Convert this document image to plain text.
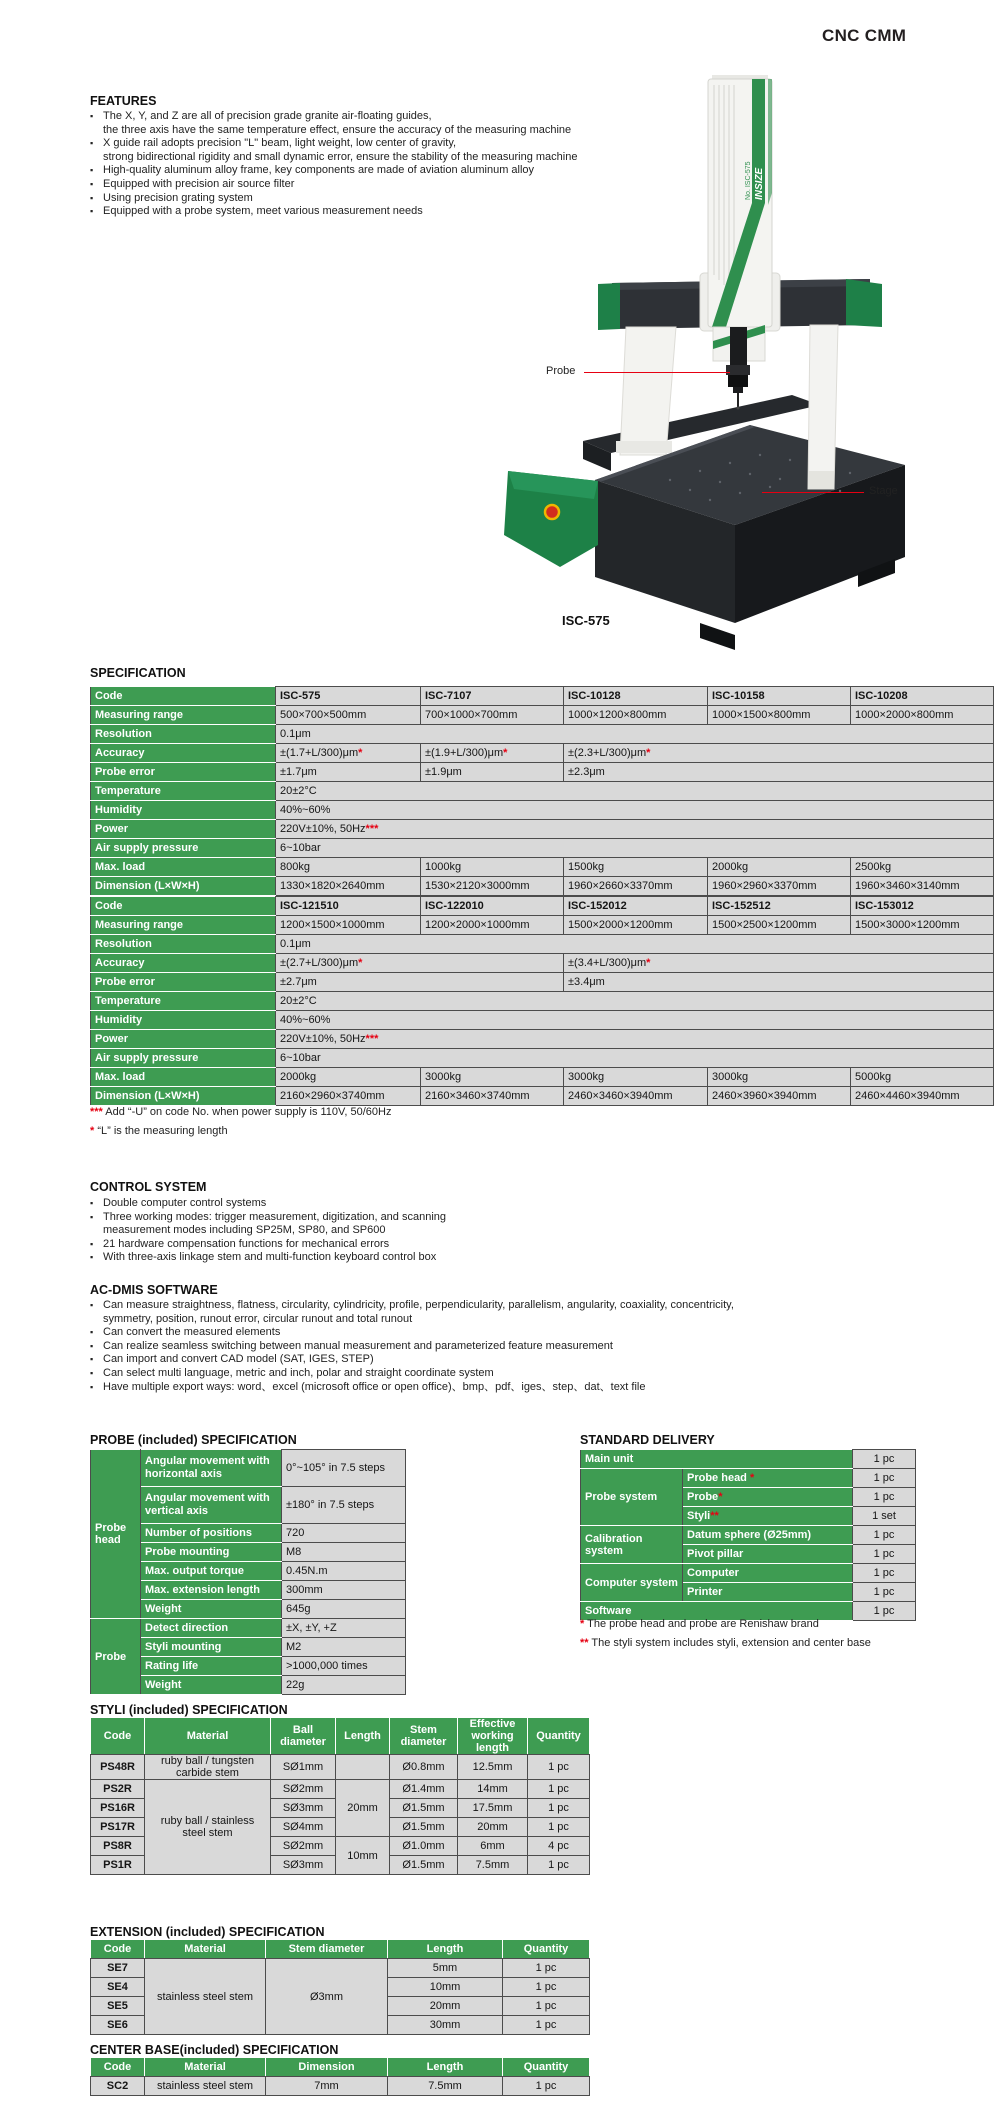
CNC CMM
FEATURES
▪ The X, Y, and Z are all of precision grade granite air-floating guides,
the three axis have the same temperature effect, ensure the accuracy of the measuring machine
▪ X guide rail adopts precision "L" beam, light weight, low center of gravity,
strong bidirectional rigidity and small dynamic error, ensure the stability of the measuring machine
▪ High-quality aluminum alloy frame, key components are made of aviation aluminum alloy
▪ Equipped with precision air source filter
▪ Using precision grating system
▪ Equipped with a probe system, meet various measurement needs
INSIZE
No. ISC-575
Probe
Stage
ISC-575
SPECIFICATION
Code	ISC-575	ISC-7107	ISC-10128	ISC-10158	ISC-10208
Measuring range	500×700×500mm	700×1000×700mm	1000×1200×800mm	1000×1500×800mm	1000×2000×800mm
Resolution	0.1μm				
Accuracy	±(1.7+L/300)μm*	±(1.9+L/300)μm*	±(2.3+L/300)μm*		
Probe error	±1.7μm	±1.9μm	±2.3μm		
Temperature	20±2°C				
Humidity	40%~60%				
Power	220V±10%, 50Hz***				
Air supply pressure	6~10bar				
Max. load	800kg	1000kg	1500kg	2000kg	2500kg
Dimension (L×W×H)	1330×1820×2640mm	1530×2120×3000mm	1960×2660×3370mm	1960×2960×3370mm	1960×3460×3140mm
Code	ISC-121510	ISC-122010	ISC-152012	ISC-152512	ISC-153012
Measuring range	1200×1500×1000mm	1200×2000×1000mm	1500×2000×1200mm	1500×2500×1200mm	1500×3000×1200mm
Resolution	0.1μm				
Accuracy	±(2.7+L/300)μm*		±(3.4+L/300)μm*		
Probe error	±2.7μm		±3.4μm		
Temperature	20±2°C				
Humidity	40%~60%				
Power	220V±10%, 50Hz***				
Air supply pressure	6~10bar				
Max. load	2000kg	3000kg	3000kg	3000kg	5000kg
Dimension (L×W×H)	2160×2960×3740mm	2160×3460×3740mm	2460×3460×3940mm	2460×3960×3940mm	2460×4460×3940mm
*** Add “-U” on code No. when power supply is 110V, 50/60Hz
* “L” is the measuring length
CONTROL SYSTEM
▪ Double computer control systems
▪ Three working modes: trigger measurement, digitization, and scanning
measurement modes including SP25M, SP80, and SP600
▪ 21 hardware compensation functions for mechanical errors
▪ With three-axis linkage stem and multi-function keyboard control box
AC-DMIS SOFTWARE
▪ Can measure straightness, flatness, circularity, cylindricity, profile, perpendicularity, parallelism, angularity, coaxiality, concentricity,
symmetry, position, runout error, circular runout and total runout
▪ Can convert the measured elements
▪ Can realize seamless switching between manual measurement and parameterized feature measurement
▪ Can import and convert CAD model (SAT, IGES, STEP)
▪ Can select multi language, metric and inch, polar and straight coordinate system
▪ Have multiple export ways: word、excel (microsoft office or open office)、bmp、pdf、iges、step、dat、text file
PROBE (included) SPECIFICATION
Probe head	Angular movement with horizontal axis	0°~105° in 7.5 steps
	Angular movement with vertical axis	±180° in 7.5 steps
	Number of positions	720
	Probe mounting	M8
	Max. output torque	0.45N.m
	Max. extension length	300mm
	Weight	645g
Probe	Detect direction	±X, ±Y, +Z
	Styli mounting	M2
	Rating life	>1000,000 times
	Weight	22g
STANDARD DELIVERY
Main unit		1 pc
Probe system	Probe head *	1 pc
	Probe*	1 pc
	Styli**	1 set
Calibration system	Datum sphere (Ø25mm)	1 pc
	Pivot pillar	1 pc
Computer system	Computer	1 pc
	Printer	1 pc
Software		1 pc
* The probe head and probe are Renishaw brand
** The styli system includes styli, extension and center base
STYLI (included) SPECIFICATION
Code	Material	Ball diameter	Length	Stem diameter	Effective working length	Quantity
PS48R	ruby ball / tungsten carbide stem	SØ1mm		Ø0.8mm	12.5mm	1 pc
PS2R	ruby ball / stainless steel stem	SØ2mm	20mm	Ø1.4mm	14mm	1 pc
PS16R		SØ3mm		Ø1.5mm	17.5mm	1 pc
PS17R		SØ4mm		Ø1.5mm	20mm	1 pc
PS8R		SØ2mm	10mm	Ø1.0mm	6mm	4 pc
PS1R		SØ3mm		Ø1.5mm	7.5mm	1 pc
EXTENSION (included) SPECIFICATION
Code	Material	Stem diameter	Length	Quantity
SE7	stainless steel stem	Ø3mm	5mm	1 pc
SE4			10mm	1 pc
SE5			20mm	1 pc
SE6			30mm	1 pc
CENTER BASE(included) SPECIFICATION
Code	Material	Dimension	Length	Quantity
SC2	stainless steel stem	7mm	7.5mm	1 pc
